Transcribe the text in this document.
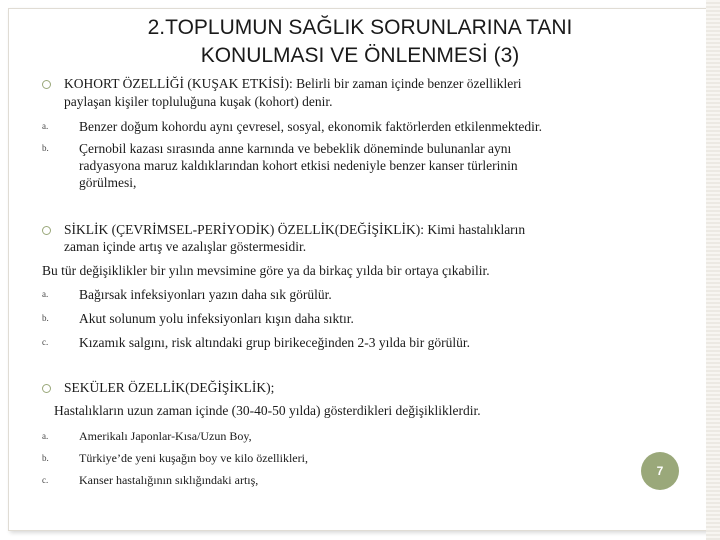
2.TOPLUMUN SAĞLIK SORUNLARINA TANI
KONULMASI VE ÖNLENMESİ (3)
KOHORT ÖZELLİĞİ (KUŞAK ETKİSİ): Belirli bir zaman içinde benzer özellikleri
paylaşan kişiler topluluğuna kuşak (kohort) denir.
a. Benzer doğum kohordu aynı çevresel, sosyal, ekonomik faktörlerden etkilenmektedir.
b. Çernobil kazası sırasında anne karnında ve bebeklik döneminde bulunanlar aynı
radyasyona maruz kaldıklarından kohort etkisi nedeniyle benzer kanser türlerinin
görülmesi,
SİKLİK (ÇEVRİMSEL-PERİYODİK) ÖZELLİK(DEĞİŞİKLİK): Kimi hastalıkların
zaman içinde artış ve azalışlar göstermesidir.
Bu tür değişiklikler bir yılın mevsimine göre ya da birkaç yılda bir ortaya çıkabilir.
a. Bağırsak infeksiyonları yazın daha sık görülür.
b. Akut solunum yolu infeksiyonları kışın daha sıktır.
c. Kızamık salgını, risk altındaki grup birikeceğinden 2-3 yılda bir görülür.
SEKÜLER ÖZELLİK(DEĞİŞİKLİK);
Hastalıkların uzun zaman içinde (30-40-50 yılda) gösterdikleri değişikliklerdir.
a.	Amerikalı Japonlar-Kısa/Uzun Boy,
b.	Türkiye’de yeni kuşağın boy ve kilo özellikleri,
c.	Kanser hastalığının sıklığındaki artış,
7
